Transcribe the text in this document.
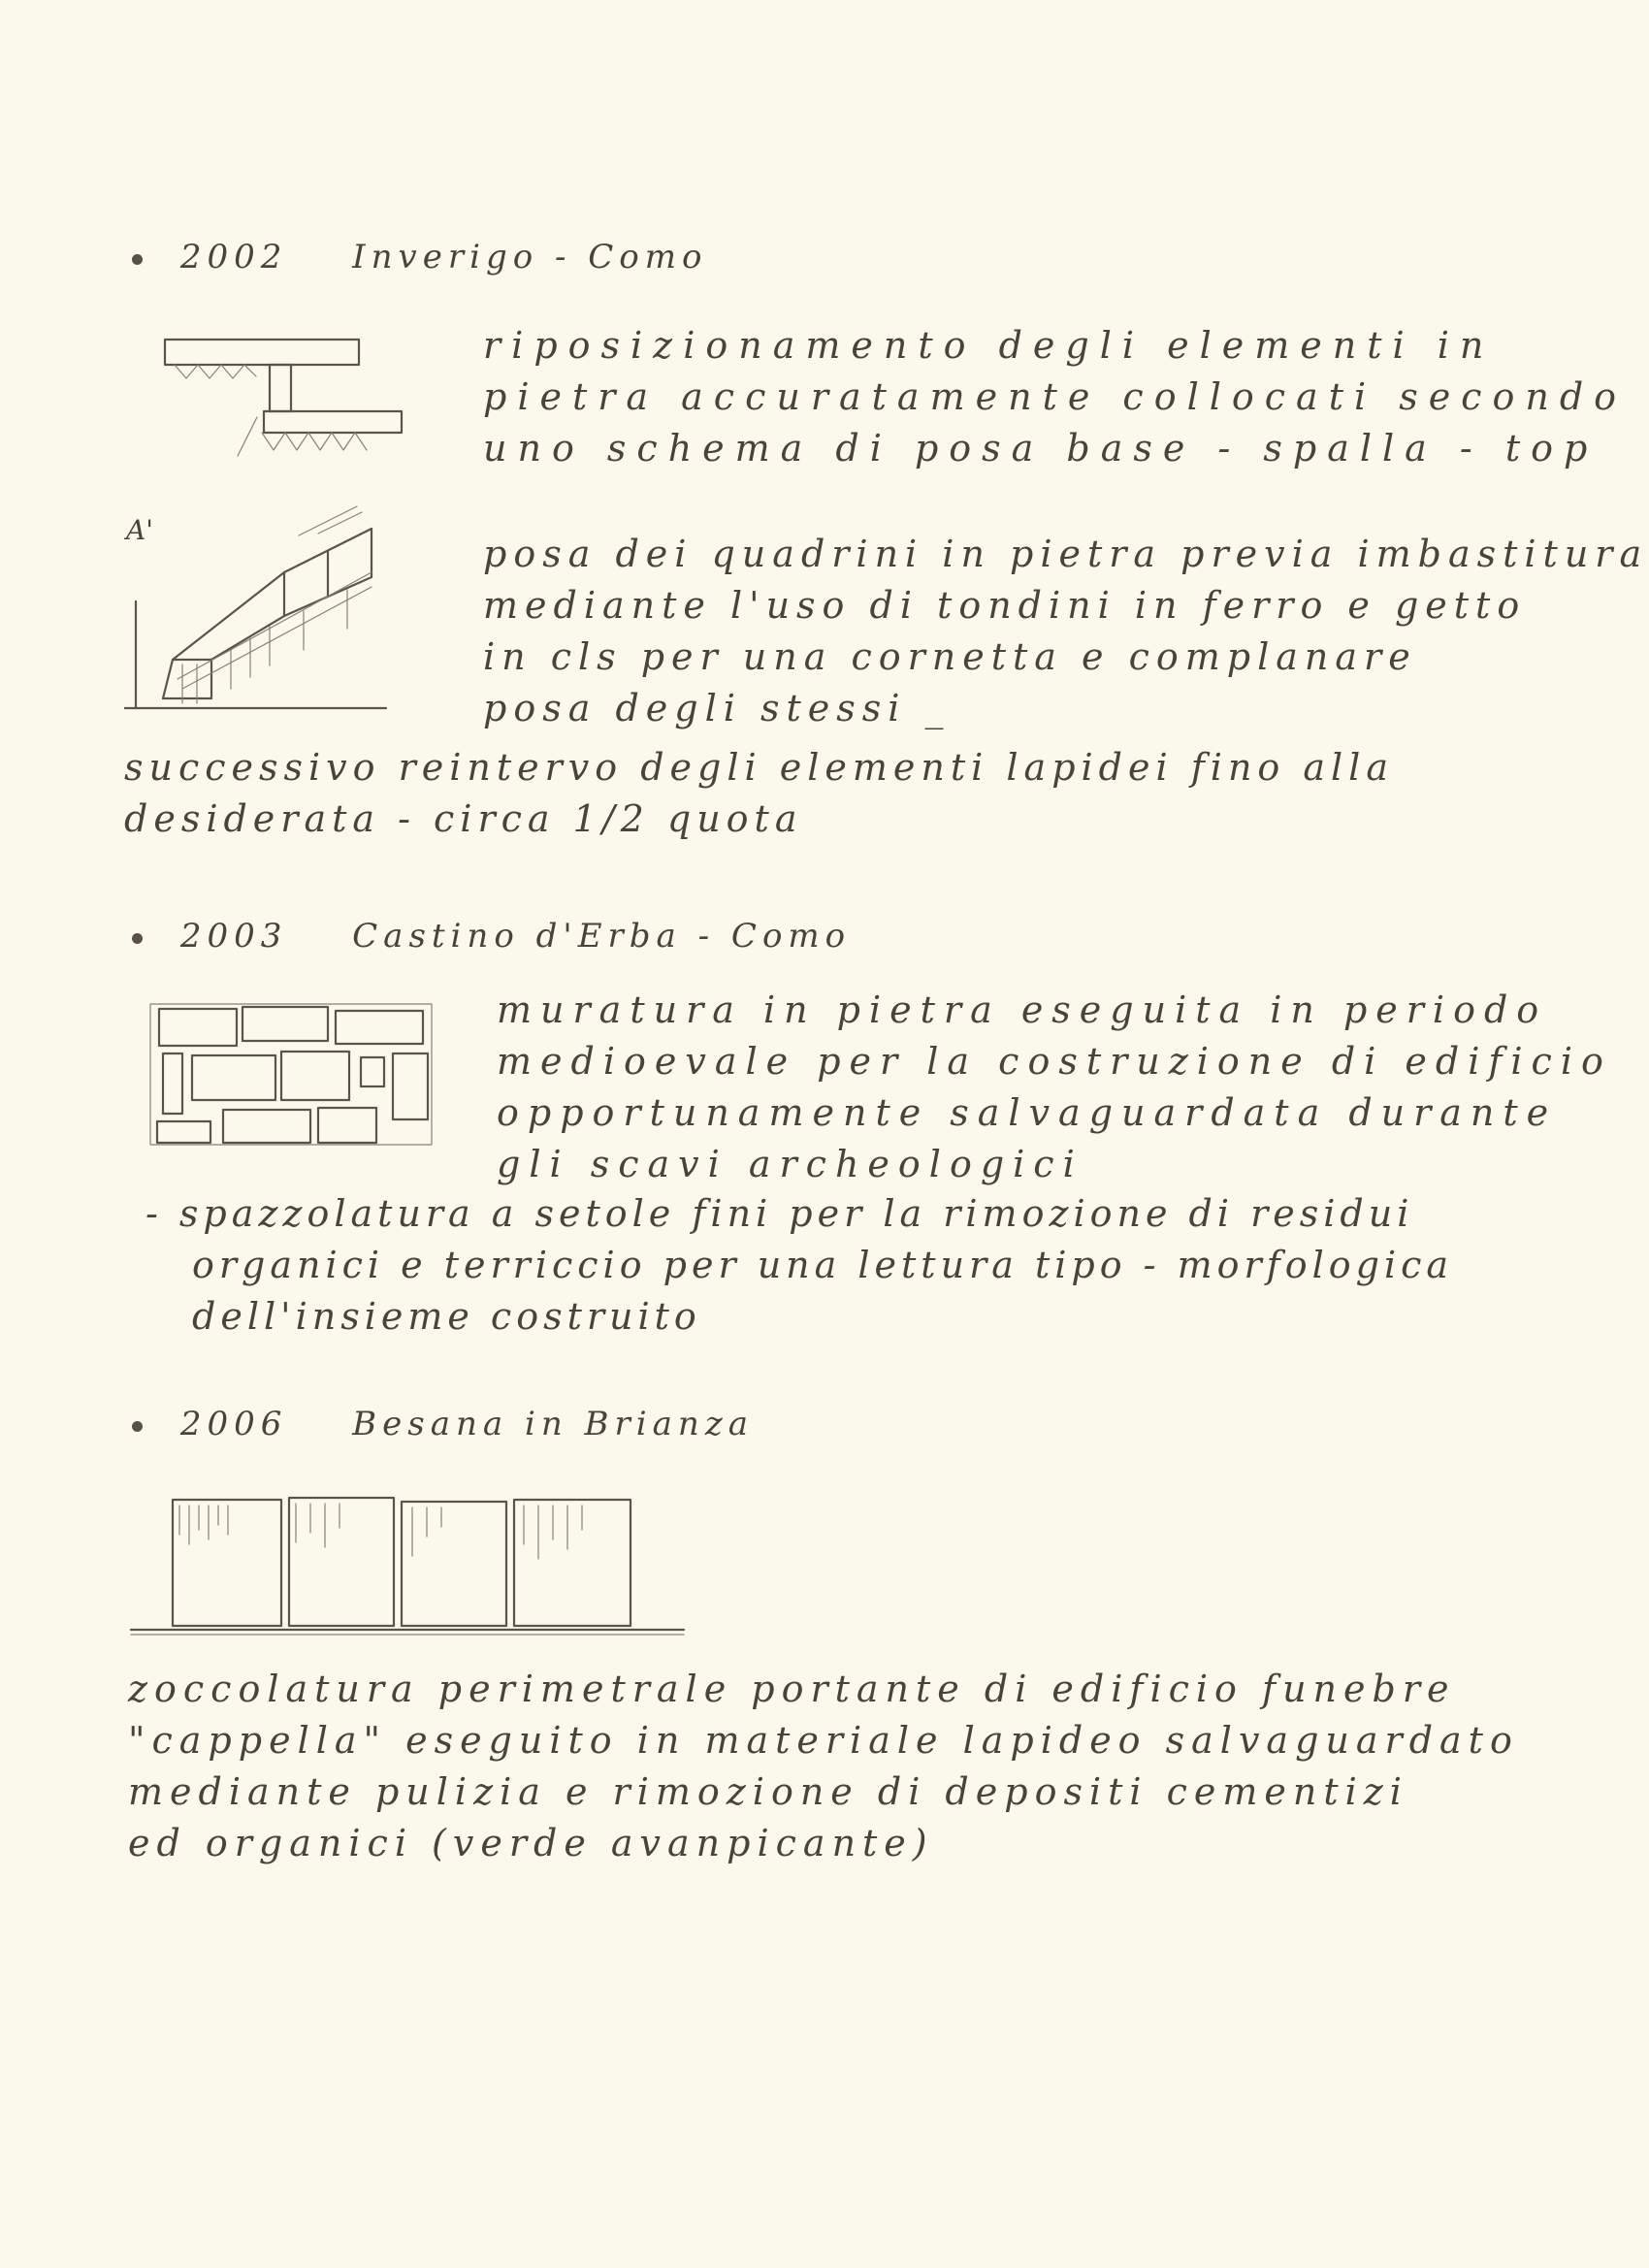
2002 Inverigo - Como
A'
riposizionamento degli elementi in
pietra accuratamente collocati secondo
uno schema di posa base - spalla - top
posa dei quadrini in pietra previa imbastitura
mediante l'uso di tondini in ferro e getto
in cls per una cornetta e complanare
posa degli stessi _
successivo reintervo degli elementi lapidei fino alla
desiderata - circa 1/2 quota
2003 Castino d'Erba - Como
muratura in pietra eseguita in periodo
medioevale per la costruzione di edificio
opportunamente salvaguardata durante
gli scavi archeologici
- spazzolatura a setole fini per la rimozione di residui
organici e terriccio per una lettura tipo - morfologica
dell'insieme costruito
2006 Besana in Brianza
zoccolatura perimetrale portante di edificio funebre
"cappella" eseguito in materiale lapideo salvaguardato
mediante pulizia e rimozione di depositi cementizi
ed organici (verde avanpicante)
